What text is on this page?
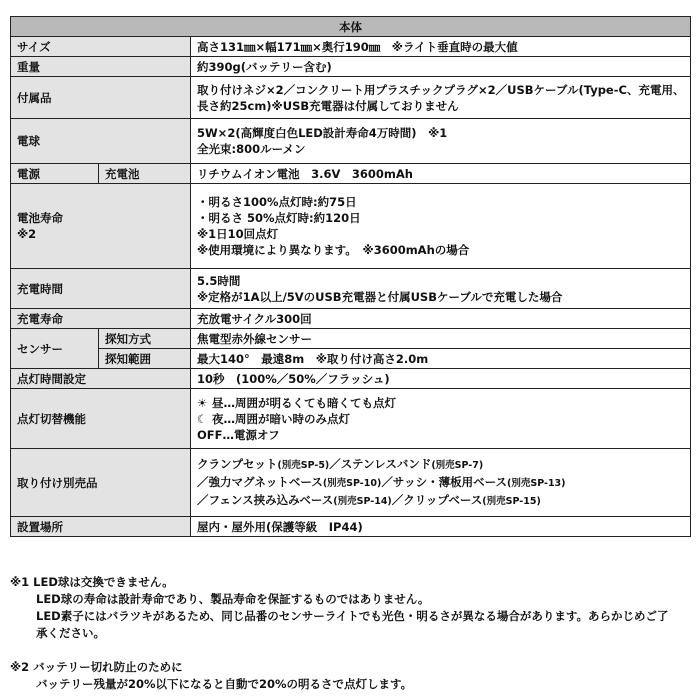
本体		
サイズ		高さ131㎜×幅171㎜×奥行190㎜　※ライト垂直時の最大値
重量		約390g(バッテリー含む)
付属品		取り付けネジ×2／コンクリート用プラスチックプラグ×2／USBケーブル(Type-C、充電用、長さ約25cm)※USB充電器は付属しておりません
電球		5W×2(高輝度白色LED設計寿命4万時間)　※1
全光束:800ルーメン

電源	充電池	リチウムイオン電池　3.6V　3600mAh

電池寿命
※2		・明るさ100%点灯時:約75日
・明るさ 50%点灯時:約120日
※1日10回点灯
※使用環境により異なります。　※3600mAhの場合

充電時間		5.5時間
※定格が1A以上/5VのUSB充電器と付属USBケーブルで充電した場合

充電寿命		充放電サイクル300回
センサー	探知方式	焦電型赤外線センサー
	探知範囲	最大140°　最遠8m　※取り付け高さ2.0m
点灯時間設定		10秒　(100%／50%／フラッシュ)
点灯切替機能		☀ 昼…周囲が明るくても暗くても点灯
☾ 夜…周囲が暗い時のみ点灯
OFF…電源オフ

取り付け別売品		クランプセット(別売SP-5)／ステンレスバンド(別売SP-7)
／強力マグネットベース(別売SP-10)／サッシ・薄板用ベース(別売SP-13)
／フェンス挟み込みベース(別売SP-14)／クリップベース(別売SP-15)

設置場所		屋内・屋外用(保護等級　IP44)
※1 LED球は交換できません。
LED球の寿命は設計寿命であり、製品寿命を保証するものではありません。
LED素子にはバラツキがあるため、同じ品番のセンサーライトでも光色・明るさが異なる場合があります。あらかじめご了
承ください。
※2 バッテリー切れ防止のために
バッテリー残量が20%以下になると自動で20%の明るさで点灯します。
